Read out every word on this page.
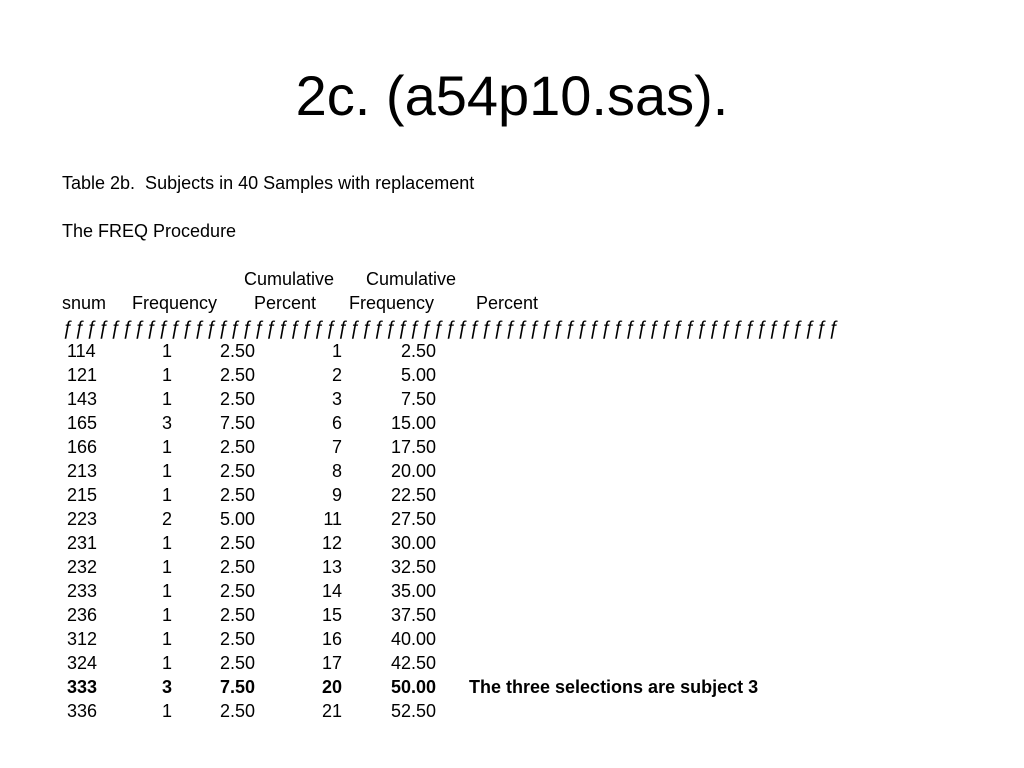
2c. (a54p10.sas).
Table 2b.  Subjects in 40 Samples with replacement
The FREQ Procedure
Cumulative Cumulative
snum Frequency Percent Frequency Percent
ƒƒƒƒƒƒƒƒƒƒƒƒƒƒƒƒƒƒƒƒƒƒƒƒƒƒƒƒƒƒƒƒƒƒƒƒƒƒƒƒƒƒƒƒƒƒƒƒƒƒƒƒƒƒƒƒƒƒƒƒƒƒƒƒƒ
114	1	2.50	1	2.50
121	1	2.50	2	5.00
143	1	2.50	3	7.50
165	3	7.50	6	15.00
166	1	2.50	7	17.50
213	1	2.50	8	20.00
215	1	2.50	9	22.50
223	2	5.00	11	27.50
231	1	2.50	12	30.00
232	1	2.50	13	32.50
233	1	2.50	14	35.00
236	1	2.50	15	37.50
312	1	2.50	16	40.00
324	1	2.50	17	42.50
333	3	7.50	20	50.00 The three selections are subject 3
336	1	2.50	21	52.50
